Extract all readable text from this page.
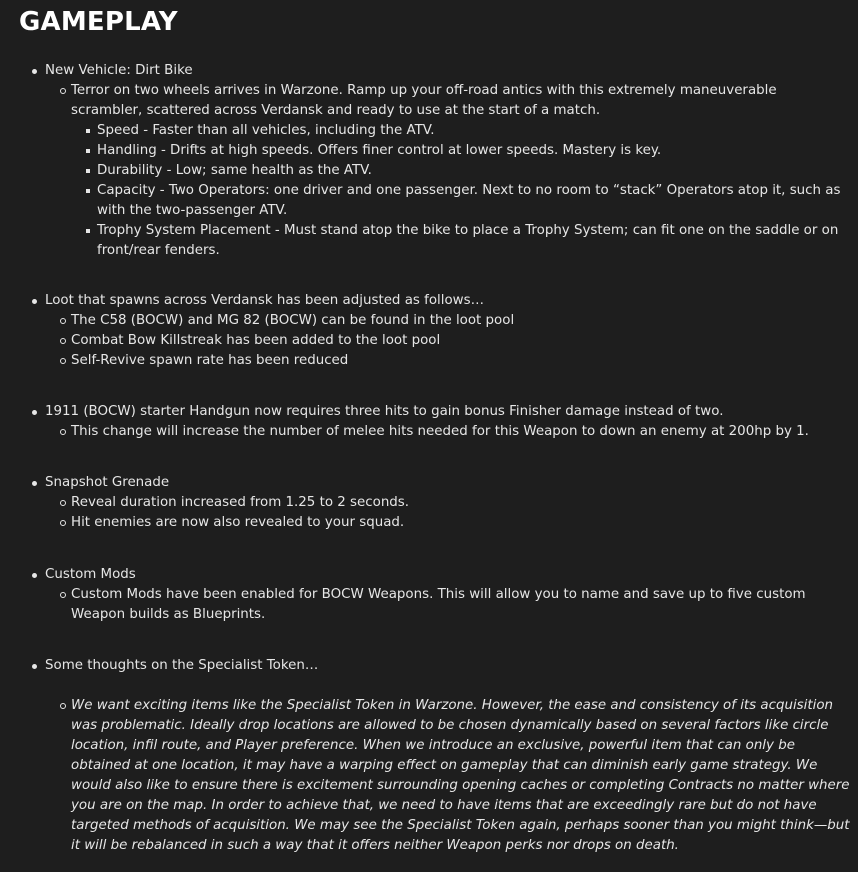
GAMEPLAY
New Vehicle: Dirt Bike
Terror on two wheels arrives in Warzone. Ramp up your off-road antics with this extremely maneuverable scrambler, scattered across Verdansk and ready to use at the start of a match.
Speed - Faster than all vehicles, including the ATV.
Handling - Drifts at high speeds. Offers finer control at lower speeds. Mastery is key.
Durability - Low; same health as the ATV.
Capacity - Two Operators: one driver and one passenger. Next to no room to “stack” Operators atop it, such as with the two-passenger ATV.
Trophy System Placement - Must stand atop the bike to place a Trophy System; can fit one on the saddle or on front/rear fenders.
Loot that spawns across Verdansk has been adjusted as follows…
The C58 (BOCW) and MG 82 (BOCW) can be found in the loot pool
Combat Bow Killstreak has been added to the loot pool
Self-Revive spawn rate has been reduced
1911 (BOCW) starter Handgun now requires three hits to gain bonus Finisher damage instead of two.
This change will increase the number of melee hits needed for this Weapon to down an enemy at 200hp by 1.
Snapshot Grenade
Reveal duration increased from 1.25 to 2 seconds.
Hit enemies are now also revealed to your squad.
Custom Mods
Custom Mods have been enabled for BOCW Weapons. This will allow you to name and save up to five custom Weapon builds as Blueprints.
Some thoughts on the Specialist Token…
We want exciting items like the Specialist Token in Warzone. However, the ease and consistency of its acquisition was problematic. Ideally drop locations are allowed to be chosen dynamically based on several factors like circle location, infil route, and Player preference. When we introduce an exclusive, powerful item that can only be obtained at one location, it may have a warping effect on gameplay that can diminish early game strategy. We would also like to ensure there is excitement surrounding opening caches or completing Contracts no matter where you are on the map. In order to achieve that, we need to have items that are exceedingly rare but do not have targeted methods of acquisition. We may see the Specialist Token again, perhaps sooner than you might think—but it will be rebalanced in such a way that it offers neither Weapon perks nor drops on death.
